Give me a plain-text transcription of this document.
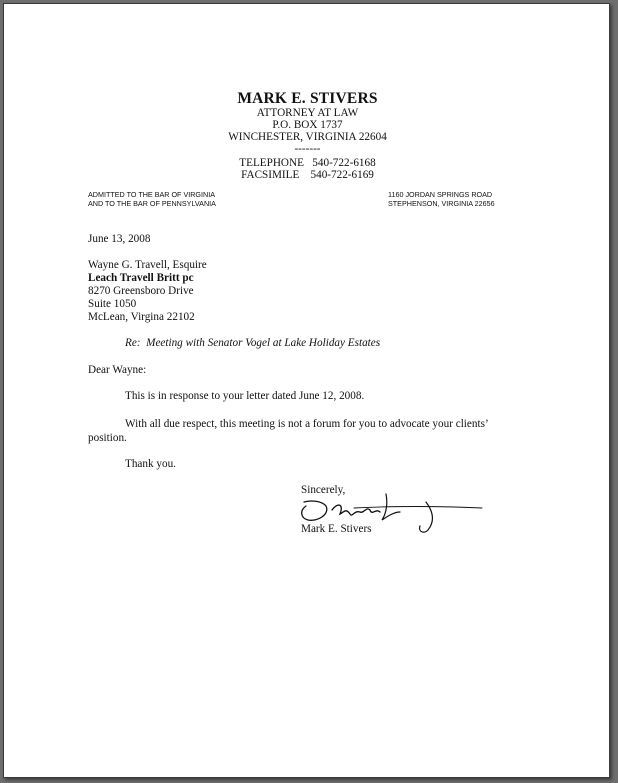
MARK E. STIVERS
ATTORNEY AT LAW
P.O. BOX 1737
WINCHESTER, VIRGINIA 22604
-------
TELEPHONE   540-722-6168
FACSIMILE    540-722-6169
ADMITTED TO THE BAR OF VIRGINIA
AND TO THE BAR OF PENNSYLVANIA
1160 JORDAN SPRINGS ROAD
STEPHENSON, VIRGINIA 22656
June 13, 2008
Wayne G. Travell, Esquire
Leach Travell Britt pc
8270 Greensboro Drive
Suite 1050
McLean, Virgina 22102
Re:  Meeting with Senator Vogel at Lake Holiday Estates
Dear Wayne:
This is in response to your letter dated June 12, 2008.
With all due respect, this meeting is not a forum for you to advocate your clients’
position.
Thank you.
Sincerely,
Mark E. Stivers
